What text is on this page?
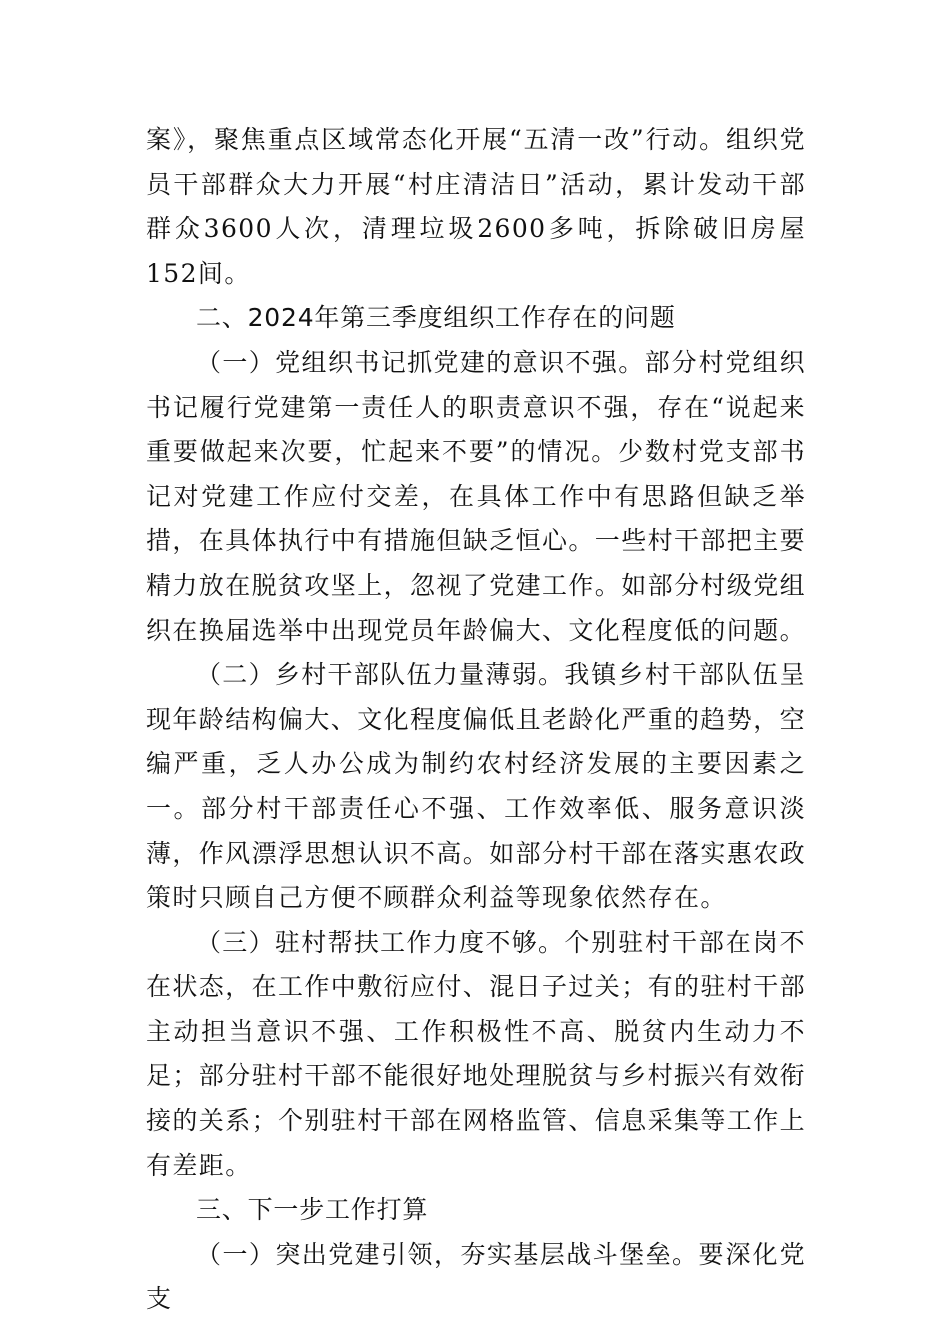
案》，聚焦重点区域常态化开展“五清一改”行动。组织党员干部群众大力开展“村庄清洁日”活动，累计发动干部群众3600人次，清理垃圾2600多吨，拆除破旧房屋152间。

二、2024年第三季度组织工作存在的问题

（一）党组织书记抓党建的意识不强。部分村党组织书记履行党建第一责任人的职责意识不强，存在“说起来重要做起来次要，忙起来不要”的情况。少数村党支部书记对党建工作应付交差，在具体工作中有思路但缺乏举措，在具体执行中有措施但缺乏恒心。一些村干部把主要精力放在脱贫攻坚上，忽视了党建工作。如部分村级党组织在换届选举中出现党员年龄偏大、文化程度低的问题。

（二）乡村干部队伍力量薄弱。我镇乡村干部队伍呈现年龄结构偏大、文化程度偏低且老龄化严重的趋势，空编严重，乏人办公成为制约农村经济发展的主要因素之一。部分村干部责任心不强、工作效率低、服务意识淡薄，作风漂浮思想认识不高。如部分村干部在落实惠农政策时只顾自己方便不顾群众利益等现象依然存在。

（三）驻村帮扶工作力度不够。个别驻村干部在岗不在状态，在工作中敷衍应付、混日子过关；有的驻村干部主动担当意识不强、工作积极性不高、脱贫内生动力不足；部分驻村干部不能很好地处理脱贫与乡村振兴有效衔接的关系；个别驻村干部在网格监管、信息采集等工作上有差距。

三、下一步工作打算

（一）突出党建引领，夯实基层战斗堡垒。要深化党支
